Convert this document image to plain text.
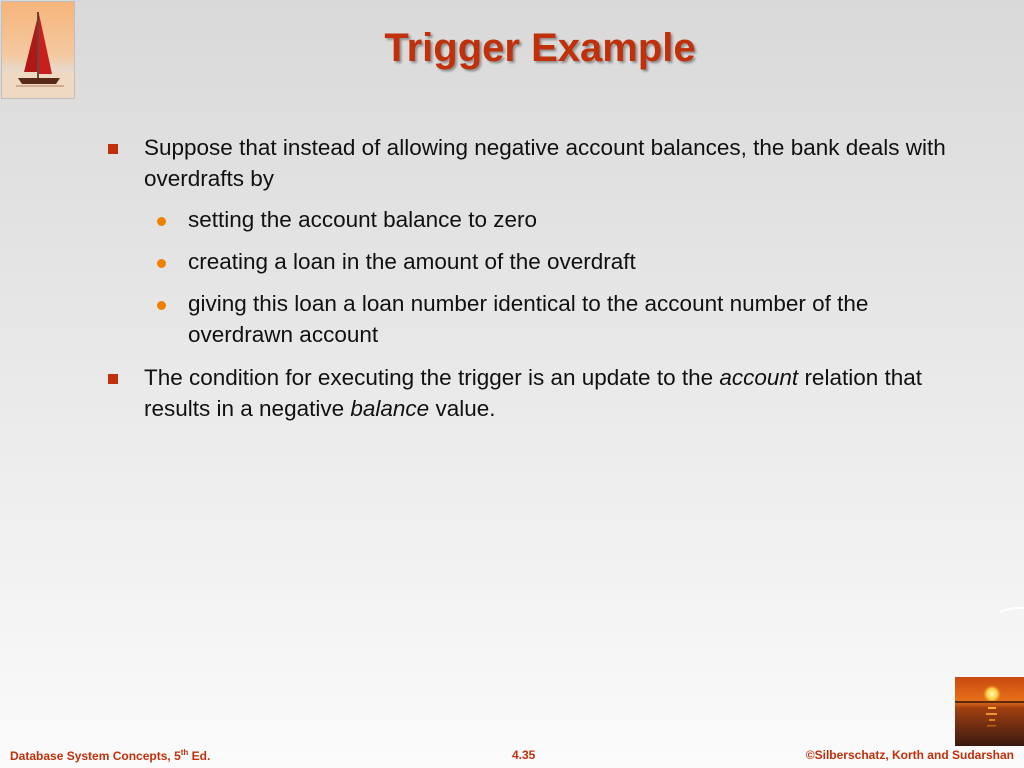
Trigger Example
Suppose that instead of allowing negative account balances, the bank deals with overdrafts by
setting the account balance to zero
creating a loan in the amount of the overdraft
giving this loan a loan number identical to the account number of the overdrawn account
The condition for executing the trigger is an update to the account relation that results in a negative balance value.
Database System Concepts, 5th Ed.	4.35	©Silberschatz, Korth and Sudarshan
